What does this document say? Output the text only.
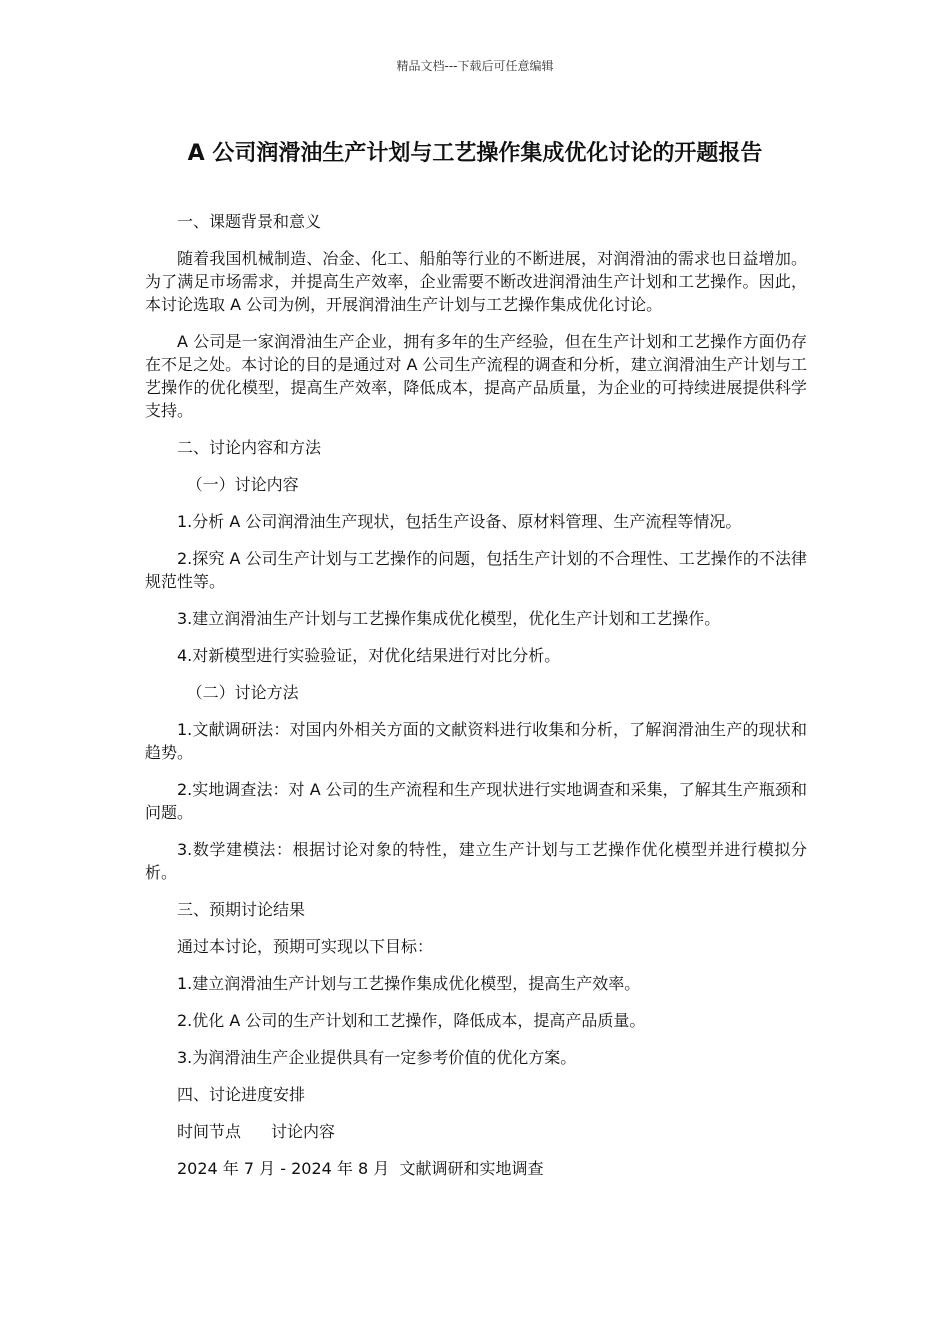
精品文档---下载后可任意编辑
A 公司润滑油生产计划与工艺操作集成优化讨论的开题报告

一、课题背景和意义

随着我国机械制造、冶金、化工、船舶等行业的不断进展，对润滑油的需求也日益增加。为了满足市场需求，并提高生产效率，企业需要不断改进润滑油生产计划和工艺操作。因此，本讨论选取 A 公司为例，开展润滑油生产计划与工艺操作集成优化讨论。

A 公司是一家润滑油生产企业，拥有多年的生产经验，但在生产计划和工艺操作方面仍存在不足之处。本讨论的目的是通过对 A 公司生产流程的调查和分析，建立润滑油生产计划与工艺操作的优化模型，提高生产效率，降低成本，提高产品质量，为企业的可持续进展提供科学支持。

二、讨论内容和方法

（一）讨论内容

1.分析 A 公司润滑油生产现状，包括生产设备、原材料管理、生产流程等情况。

2.探究 A 公司生产计划与工艺操作的问题，包括生产计划的不合理性、工艺操作的不法律规范性等。

3.建立润滑油生产计划与工艺操作集成优化模型，优化生产计划和工艺操作。

4.对新模型进行实验验证，对优化结果进行对比分析。

（二）讨论方法

1.文献调研法：对国内外相关方面的文献资料进行收集和分析，了解润滑油生产的现状和趋势。

2.实地调查法：对 A 公司的生产流程和生产现状进行实地调查和采集，了解其生产瓶颈和问题。

3.数学建模法：根据讨论对象的特性，建立生产计划与工艺操作优化模型并进行模拟分析。

三、预期讨论结果

通过本讨论，预期可实现以下目标：

1.建立润滑油生产计划与工艺操作集成优化模型，提高生产效率。

2.优化 A 公司的生产计划和工艺操作，降低成本，提高产品质量。

3.为润滑油生产企业提供具有一定参考价值的优化方案。

四、讨论进度安排

时间节点 讨论内容

2024 年 7 月 - 2024 年 8 月 文献调研和实地调查
